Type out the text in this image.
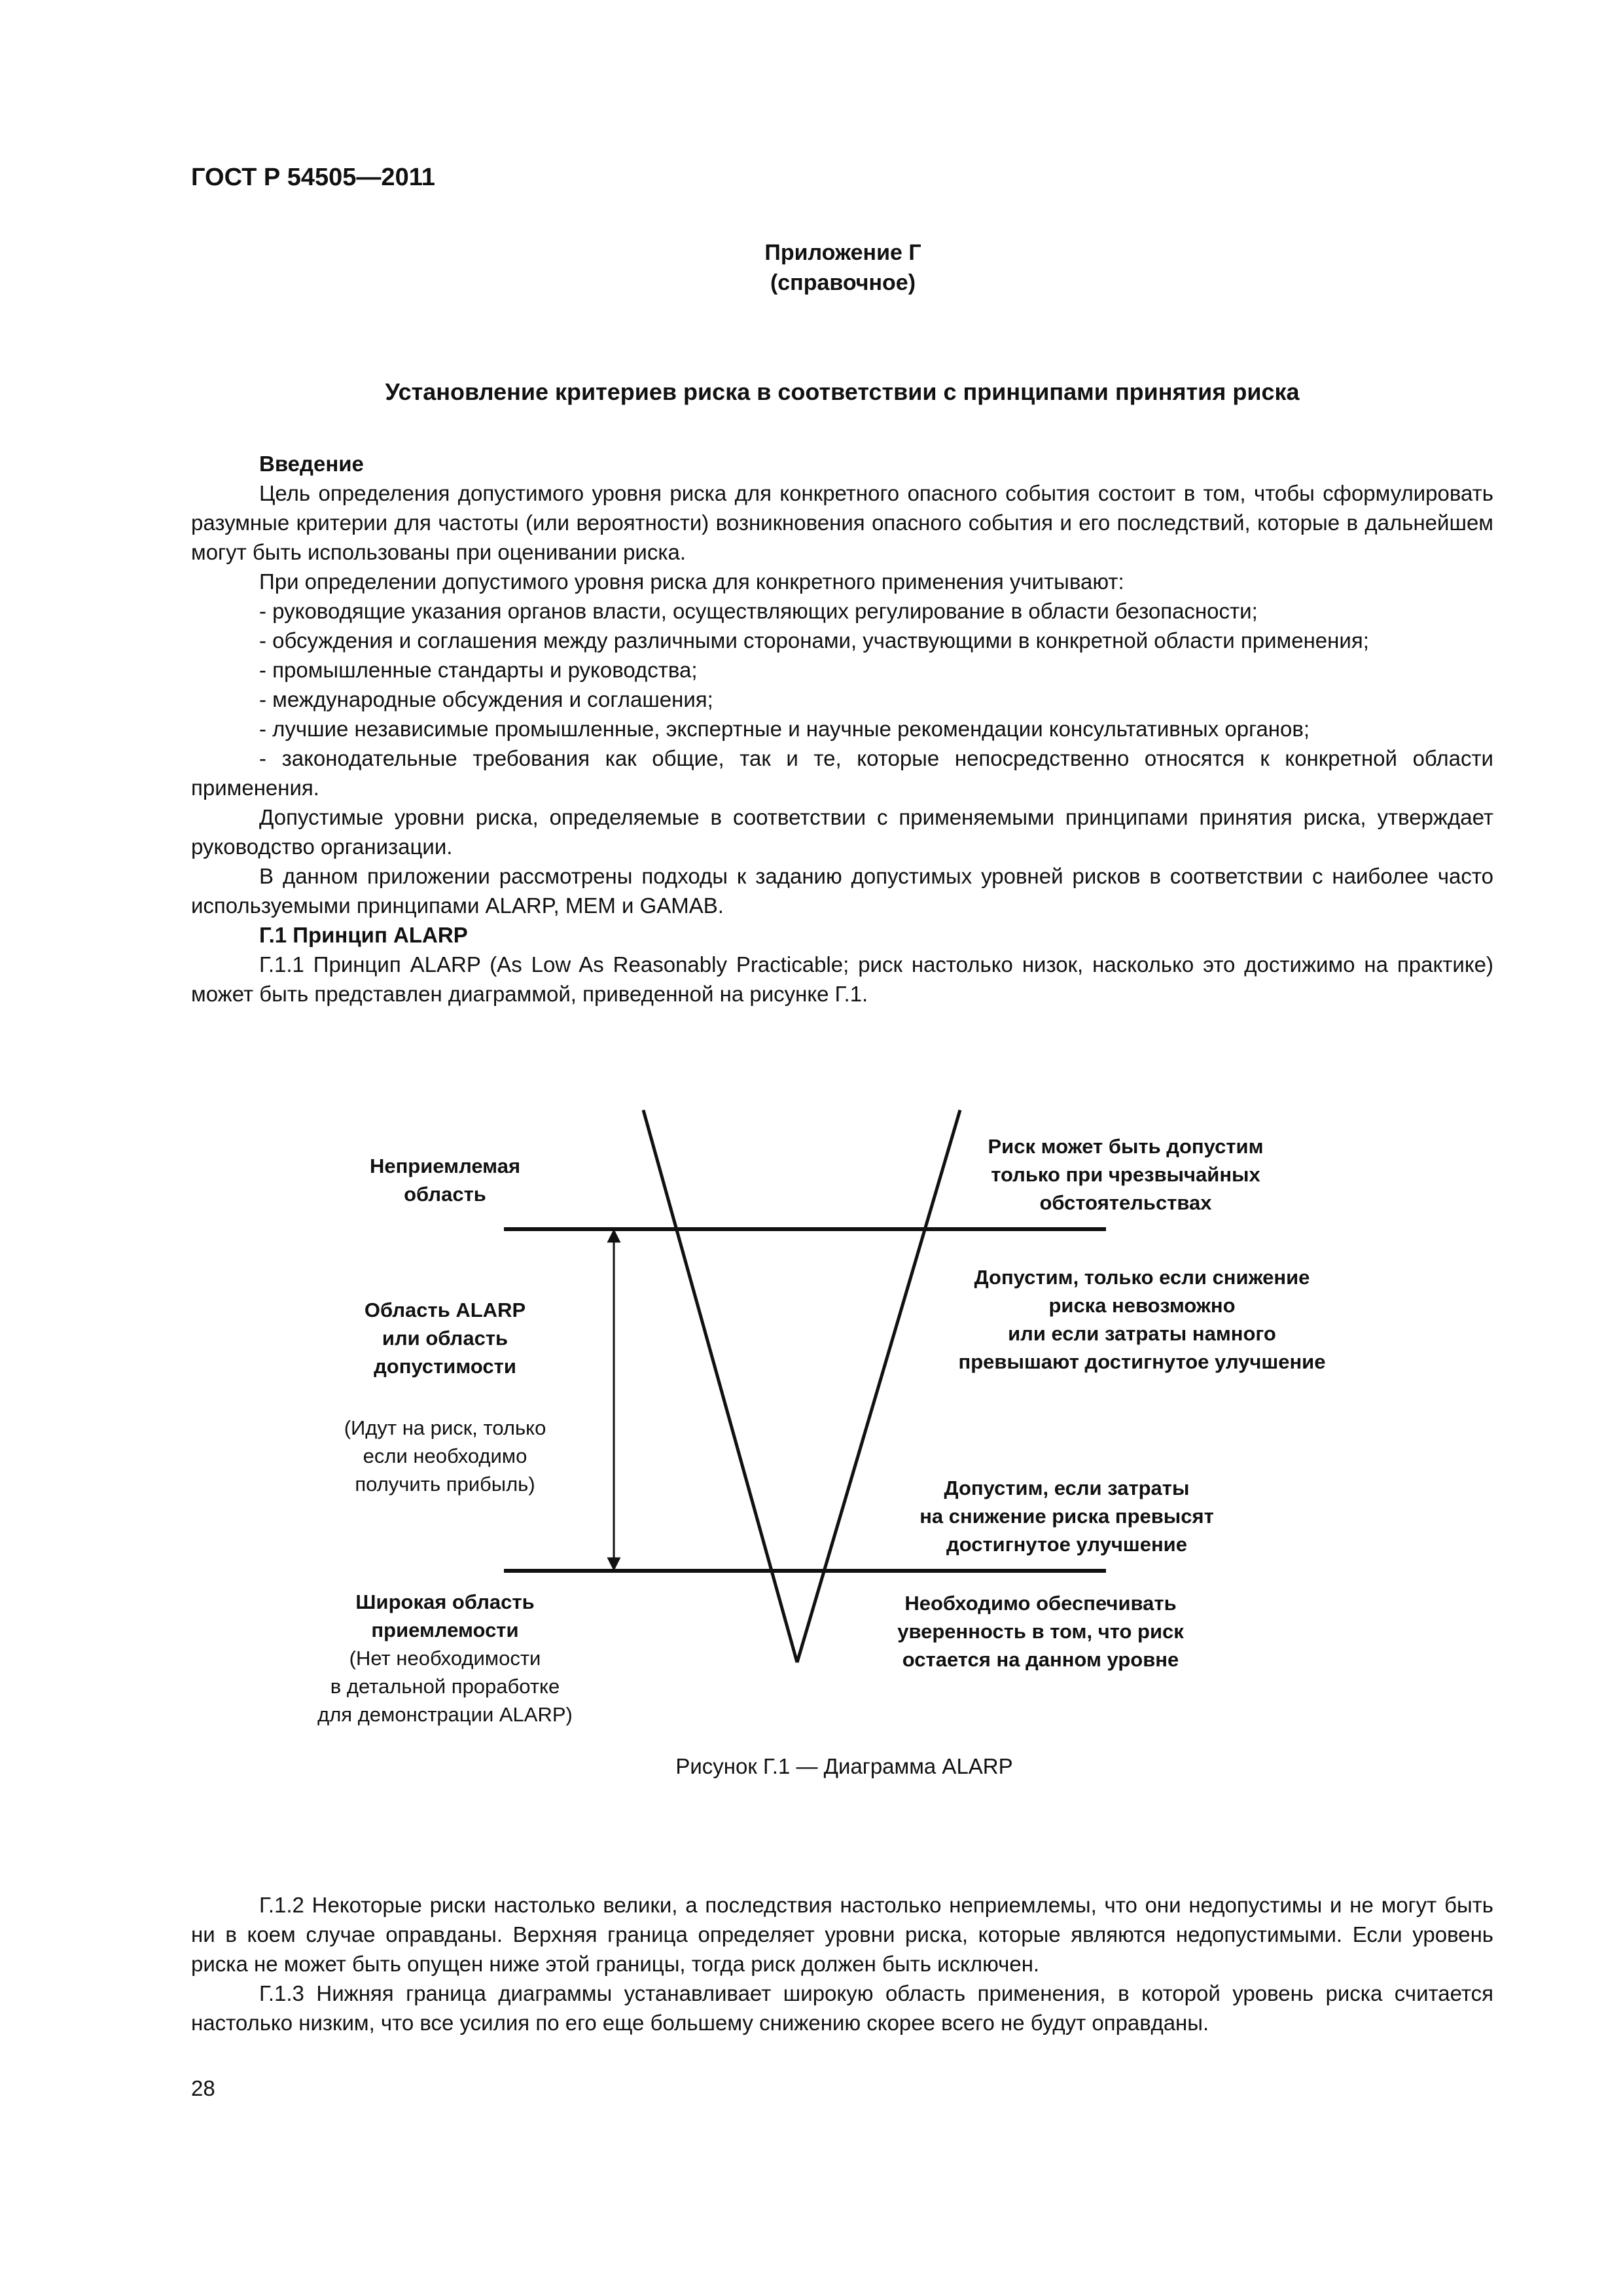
ГОСТ Р 54505—2011
Приложение Г
(справочное)
Установление критериев риска в соответствии с принципами принятия риска

Введение

Цель определения допустимого уровня риска для конкретного опасного события состоит в том, чтобы сформулировать разумные критерии для частоты (или вероятности) возникновения опасного события и его последствий, которые в дальнейшем могут быть использованы при оценивании риска.

При определении допустимого уровня риска для конкретного применения учитывают:

- руководящие указания органов власти, осуществляющих регулирование в области безопасности;

- обсуждения и соглашения между различными сторонами, участвующими в конкретной области применения;

- промышленные стандарты и руководства;

- международные обсуждения и соглашения;

- лучшие независимые промышленные, экспертные и научные рекомендации консультативных органов;

- законодательные требования как общие, так и те, которые непосредственно относятся к конкретной области применения.

Допустимые уровни риска, определяемые в соответствии с применяемыми принципами принятия риска, утверждает руководство организации.

В данном приложении рассмотрены подходы к заданию допустимых уровней рисков в соответствии с наиболее часто используемыми принципами ALARP, MEM и GAMAB.

Г.1 Принцип ALARP

Г.1.1 Принцип ALARP (As Low As Reasonably Practicable; риск настолько низок, насколько это достижимо на практике) может быть представлен диаграммой, приведенной на рисунке Г.1.

Неприемлемая
область
Область ALARP
или область
допустимости
(Идут на риск, только
если необходимо
получить прибыль)
Широкая область
приемлемости
(Нет необходимости
в детальной проработке
для демонстрации ALARP)
Риск может быть допустим
только при чрезвычайных
обстоятельствах
Допустим, только если снижение
риска невозможно
или если затраты намного
превышают достигнутое улучшение
Допустим, если затраты
на снижение риска превысят
достигнутое улучшение
Необходимо обеспечивать
уверенность в том, что риск
остается на данном уровне
Рисунок Г.1 — Диаграмма ALARP

Г.1.2 Некоторые риски настолько велики, а последствия настолько неприемлемы, что они недопустимы и не могут быть ни в коем случае оправданы. Верхняя граница определяет уровни риска, которые являются недопустимыми. Если уровень риска не может быть опущен ниже этой границы, тогда риск должен быть исключен.

Г.1.3 Нижняя граница диаграммы устанавливает широкую область применения, в которой уровень риска считается настолько низким, что все усилия по его еще большему снижению скорее всего не будут оправданы.

28
